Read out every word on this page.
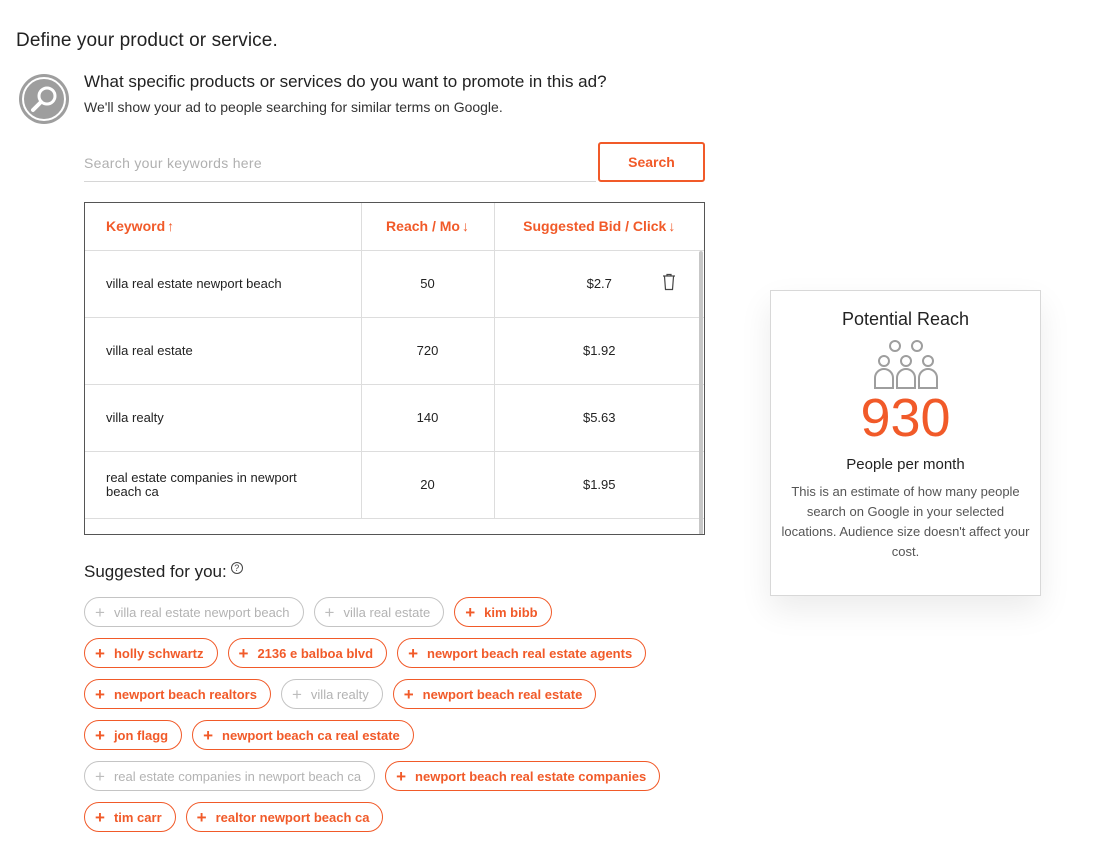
Define your product or service.
What specific products or services do you want to promote in this ad?
We'll show your ad to people searching for similar terms on Google.
Search your keywords here
Search
Keyword ↑	Reach / Mo ↓	Suggested Bid / Click ↓
villa real estate newport beach	50	$2.7

villa real estate	720	$1.92
villa realty	140	$5.63
real estate companies in newport beach ca	20	$1.95
Suggested for you: ?
+ villa real estate newport beach + villa real estate + kim bibb
+ holly schwartz + 2136 e balboa blvd + newport beach real estate agents
+ newport beach realtors + villa realty + newport beach real estate
+ jon flagg + newport beach ca real estate
+ real estate companies in newport beach ca + newport beach real estate companies
+ tim carr + realtor newport beach ca
Potential Reach
930
People per month
This is an estimate of how many people search on Google in your selected locations. Audience size doesn't affect your cost.
